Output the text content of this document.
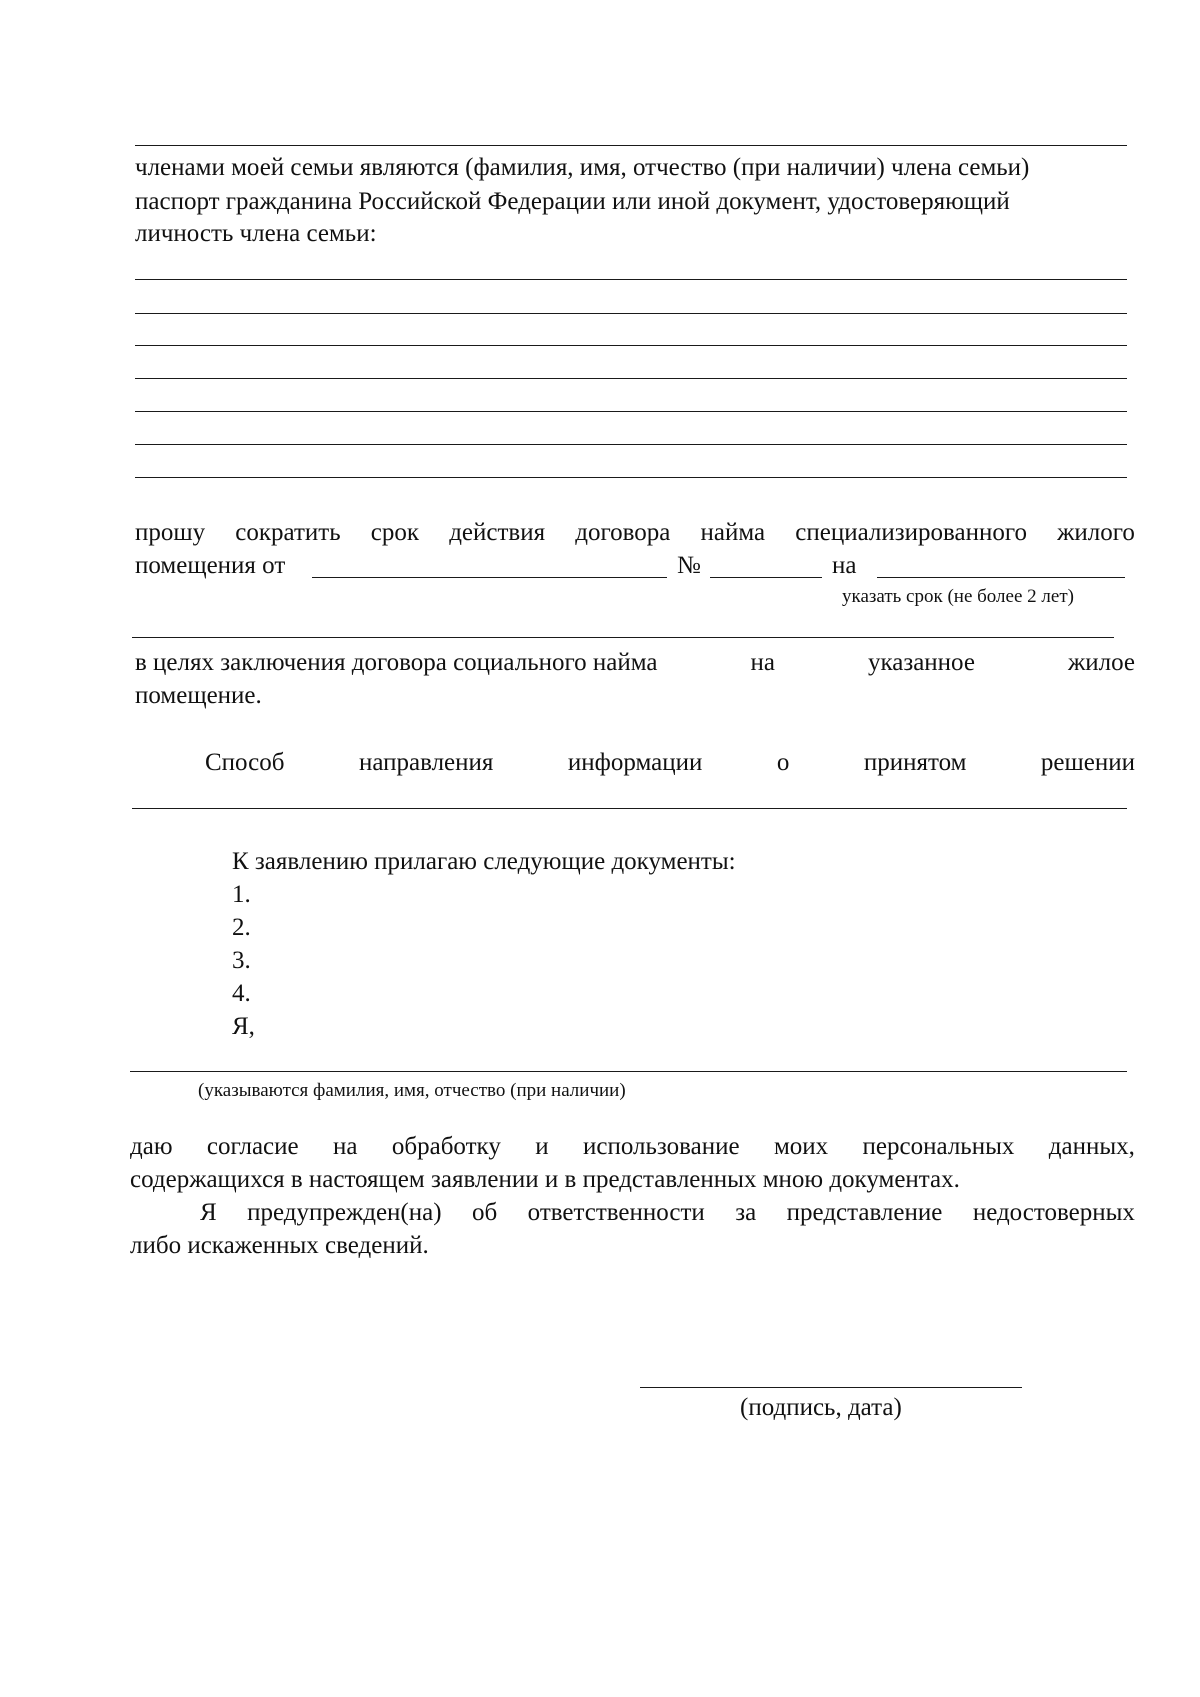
членами моей семьи являются (фамилия, имя, отчество (при наличии) члена семьи)
паспорт гражданина Российской Федерации или иной документ, удостоверяющий
личность члена семьи:
прошу сократить срок действия договора найма специализированного жилого
помещения от	№	на
указать срок (не более 2 лет)
в целях заключения договора социального найма	на	указанное	жилое
помещение.
Способ	направления	информации	о	принятом	решении
К заявлению прилагаю следующие документы:
1.
2.
3.
4.
Я,
(указываются фамилия, имя, отчество (при наличии)
даю согласие на обработку и использование моих персональных данных,
содержащихся в настоящем заявлении и в представленных мною документах.
Я предупрежден(на) об ответственности за представление недостоверных
либо искаженных сведений.
(подпись, дата)
